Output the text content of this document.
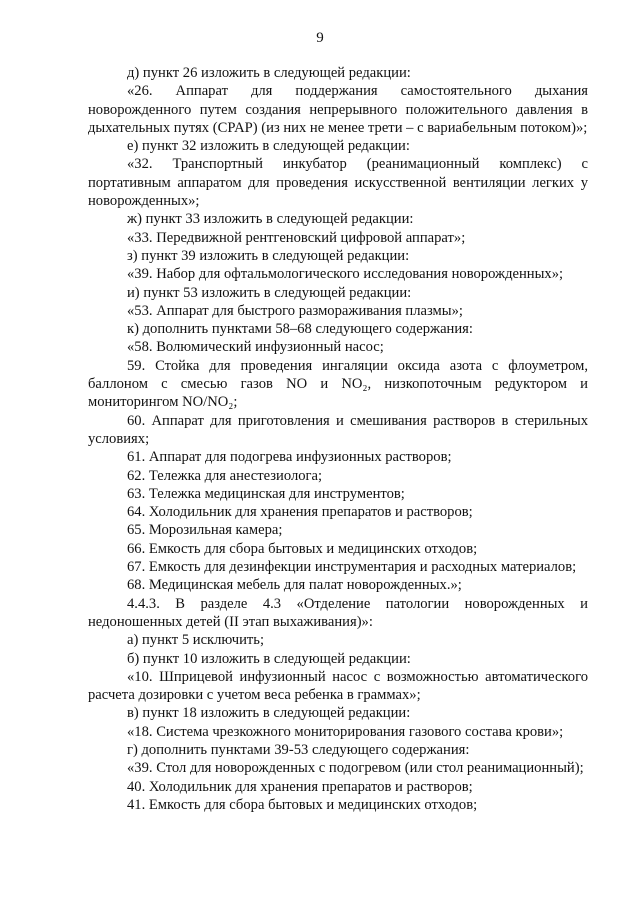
9

д) пункт 26 изложить в следующей редакции:

«26. Аппарат для поддержания самостоятельного дыхания новорожденного путем создания непрерывного положительного давления в дыхательных путях (CPAP) (из них не менее трети – с вариабельным потоком)»;

е) пункт 32 изложить в следующей редакции:

«32. Транспортный инкубатор (реанимационный комплекс) с портативным аппаратом для проведения искусственной вентиляции легких у новорожденных»;

ж) пункт 33 изложить в следующей редакции:

«33. Передвижной рентгеновский цифровой аппарат»;

з) пункт 39 изложить в следующей редакции:

«39. Набор для офтальмологического исследования новорожденных»;

и) пункт 53 изложить в следующей редакции:

«53. Аппарат для быстрого размораживания плазмы»;

к) дополнить пунктами 58–68 следующего содержания:

«58. Волюмический инфузионный насос;

59. Стойка для проведения ингаляции оксида азота с флоуметром, баллоном с смесью газов NO и NO₂, низкопоточным редуктором и мониторингом NO/NO₂;

60. Аппарат для приготовления и смешивания растворов в стерильных условиях;

61. Аппарат для подогрева инфузионных растворов;

62. Тележка для анестезиолога;

63. Тележка медицинская для инструментов;

64. Холодильник для хранения препаратов и растворов;

65. Морозильная камера;

66. Емкость для сбора бытовых и медицинских отходов;

67. Емкость для дезинфекции инструментария и расходных материалов;

68. Медицинская мебель для палат новорожденных.»;

4.4.3. В разделе 4.3 «Отделение патологии новорожденных и недоношенных детей (II этап выхаживания)»:

а) пункт 5 исключить;

б) пункт 10 изложить в следующей редакции:

«10. Шприцевой инфузионный насос с возможностью автоматического расчета дозировки с учетом веса ребенка в граммах»;

в) пункт 18 изложить в следующей редакции:

«18. Система чрезкожного мониторирования газового состава крови»;

г) дополнить пунктами 39-53 следующего содержания:

«39. Стол для новорожденных с подогревом (или стол реанимационный);

40. Холодильник для хранения препаратов и растворов;

41. Емкость для сбора бытовых и медицинских отходов;
